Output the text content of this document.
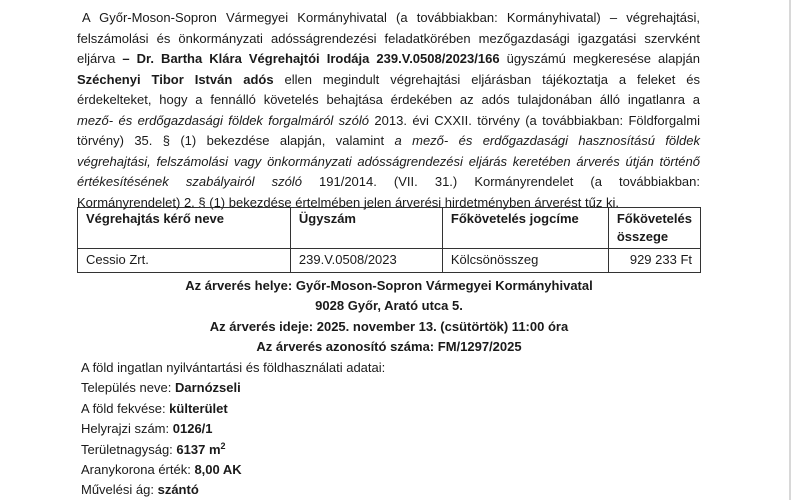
A Győr-Moson-Sopron Vármegyei Kormányhivatal (a továbbiakban: Kormányhivatal) – végrehajtási,
felszámolási és önkormányzati adósságrendezési feladatkörében mezőgazdasági igazgatási szervként
eljárva – Dr. Bartha Klára Végrehajtói Irodája 239.V.0508/2023/166 ügyszámú megkeresése alapján
Széchenyi Tibor István adós ellen megindult végrehajtási eljárásban tájékoztatja a feleket és
érdekelteket, hogy a fennálló követelés behajtása érdekében az adós tulajdonában álló ingatlanra a
mező- és erdőgazdasági földek forgalmáról szóló 2013. évi CXXII. törvény (a továbbiakban: Földforgalmi
törvény) 35. § (1) bekezdése alapján, valamint a mező- és erdőgazdasági hasznosítású földek
végrehajtási, felszámolási vagy önkormányzati adósságrendezési eljárás keretében árverés útján történő
értékesítésének szabályairól szóló 191/2014. (VII. 31.) Kormányrendelet (a továbbiakban:
Kormányrendelet) 2. § (1) bekezdése értelmében jelen árverési hirdetményben árverést tűz ki.
Végrehajtás kérő neve	Ügyszám	Főkövetelés jogcíme	Főkövetelés összege
Cessio Zrt.	239.V.0508/2023	Kölcsönösszeg	929 233 Ft
Az árverés helye: Győr-Moson-Sopron Vármegyei Kormányhivatal
9028 Győr, Arató utca 5.
Az árverés ideje: 2025. november 13. (csütörtök) 11:00 óra
Az árverés azonosító száma: FM/1297/2025
A föld ingatlan nyilvántartási és földhasználati adatai:
Település neve: Darnózseli
A föld fekvése: külterület
Helyrajzi szám: 0126/1
Területnagyság: 6137 $m^2$
Aranykorona érték: 8,00 AK
Művelési ág: szántó
